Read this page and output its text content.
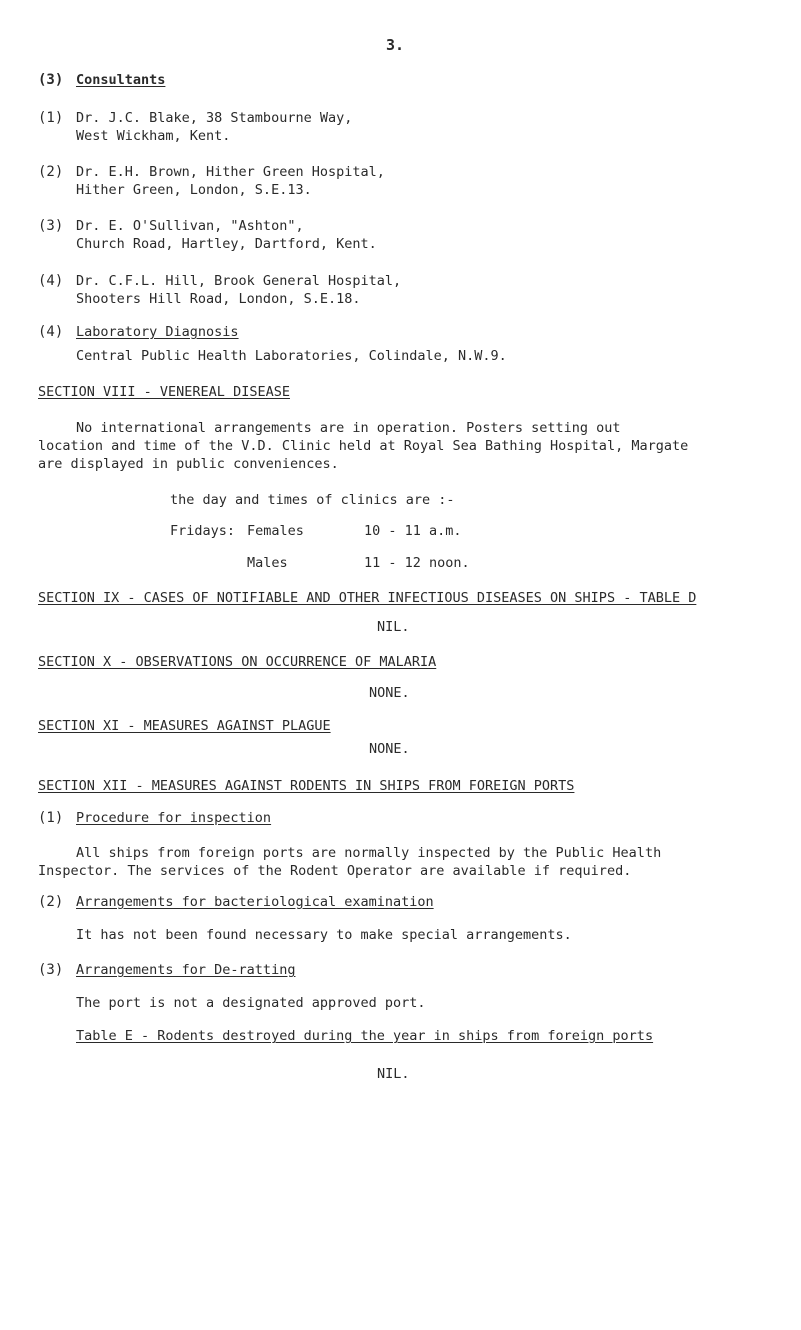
3.
(3) Consultants
(1) Dr. J.C. Blake, 38 Stambourne Way,
West Wickham, Kent.
(2) Dr. E.H. Brown, Hither Green Hospital,
Hither Green, London, S.E.13.
(3) Dr. E. O'Sullivan, "Ashton",
Church Road, Hartley, Dartford, Kent.
(4) Dr. C.F.L. Hill, Brook General Hospital,
Shooters Hill Road, London, S.E.18.
(4) Laboratory Diagnosis
Central Public Health Laboratories, Colindale, N.W.9.
SECTION VIII - VENEREAL DISEASE
No international arrangements are in operation. Posters setting out
location and time of the V.D. Clinic held at Royal Sea Bathing Hospital, Margate
are displayed in public conveniences.
the day and times of clinics are :-
Fridays: Females	10 - 11 a.m.
Males	11 - 12 noon.
SECTION IX - CASES OF NOTIFIABLE AND OTHER INFECTIOUS DISEASES ON SHIPS - TABLE D
NIL.
SECTION X - OBSERVATIONS ON OCCURRENCE OF MALARIA
NONE.
SECTION XI - MEASURES AGAINST PLAGUE
NONE.
SECTION XII - MEASURES AGAINST RODENTS IN SHIPS FROM FOREIGN PORTS
(1) Procedure for inspection
All ships from foreign ports are normally inspected by the Public Health
Inspector. The services of the Rodent Operator are available if required.
(2) Arrangements for bacteriological examination
It has not been found necessary to make special arrangements.
(3) Arrangements for De-ratting
The port is not a designated approved port.
Table E - Rodents destroyed during the year in ships from foreign ports
NIL.
